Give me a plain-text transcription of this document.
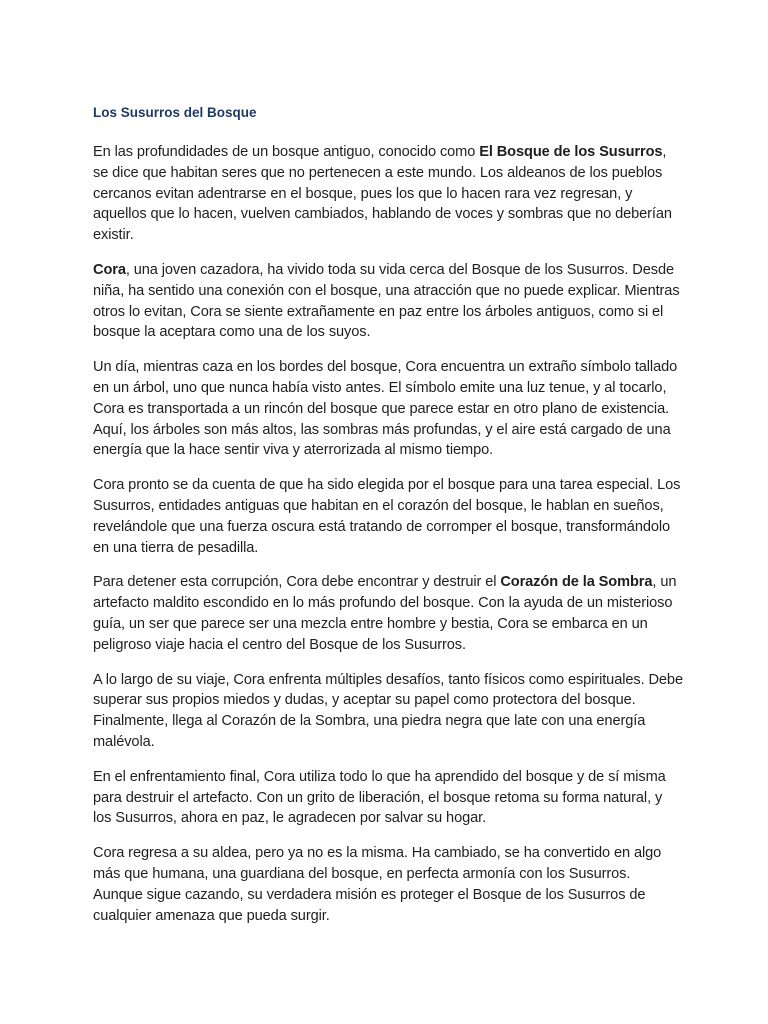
Los Susurros del Bosque

En las profundidades de un bosque antiguo, conocido como El Bosque de los Susurros, se dice que habitan seres que no pertenecen a este mundo. Los aldeanos de los pueblos cercanos evitan adentrarse en el bosque, pues los que lo hacen rara vez regresan, y aquellos que lo hacen, vuelven cambiados, hablando de voces y sombras que no deberían existir.

Cora, una joven cazadora, ha vivido toda su vida cerca del Bosque de los Susurros. Desde niña, ha sentido una conexión con el bosque, una atracción que no puede explicar. Mientras otros lo evitan, Cora se siente extrañamente en paz entre los árboles antiguos, como si el bosque la aceptara como una de los suyos.

Un día, mientras caza en los bordes del bosque, Cora encuentra un extraño símbolo tallado en un árbol, uno que nunca había visto antes. El símbolo emite una luz tenue, y al tocarlo, Cora es transportada a un rincón del bosque que parece estar en otro plano de existencia. Aquí, los árboles son más altos, las sombras más profundas, y el aire está cargado de una energía que la hace sentir viva y aterrorizada al mismo tiempo.

Cora pronto se da cuenta de que ha sido elegida por el bosque para una tarea especial. Los Susurros, entidades antiguas que habitan en el corazón del bosque, le hablan en sueños, revelándole que una fuerza oscura está tratando de corromper el bosque, transformándolo en una tierra de pesadilla.

Para detener esta corrupción, Cora debe encontrar y destruir el Corazón de la Sombra, un artefacto maldito escondido en lo más profundo del bosque. Con la ayuda de un misterioso guía, un ser que parece ser una mezcla entre hombre y bestia, Cora se embarca en un peligroso viaje hacia el centro del Bosque de los Susurros.

A lo largo de su viaje, Cora enfrenta múltiples desafíos, tanto físicos como espirituales. Debe superar sus propios miedos y dudas, y aceptar su papel como protectora del bosque. Finalmente, llega al Corazón de la Sombra, una piedra negra que late con una energía malévola.

En el enfrentamiento final, Cora utiliza todo lo que ha aprendido del bosque y de sí misma para destruir el artefacto. Con un grito de liberación, el bosque retoma su forma natural, y los Susurros, ahora en paz, le agradecen por salvar su hogar.

Cora regresa a su aldea, pero ya no es la misma. Ha cambiado, se ha convertido en algo más que humana, una guardiana del bosque, en perfecta armonía con los Susurros. Aunque sigue cazando, su verdadera misión es proteger el Bosque de los Susurros de cualquier amenaza que pueda surgir.
